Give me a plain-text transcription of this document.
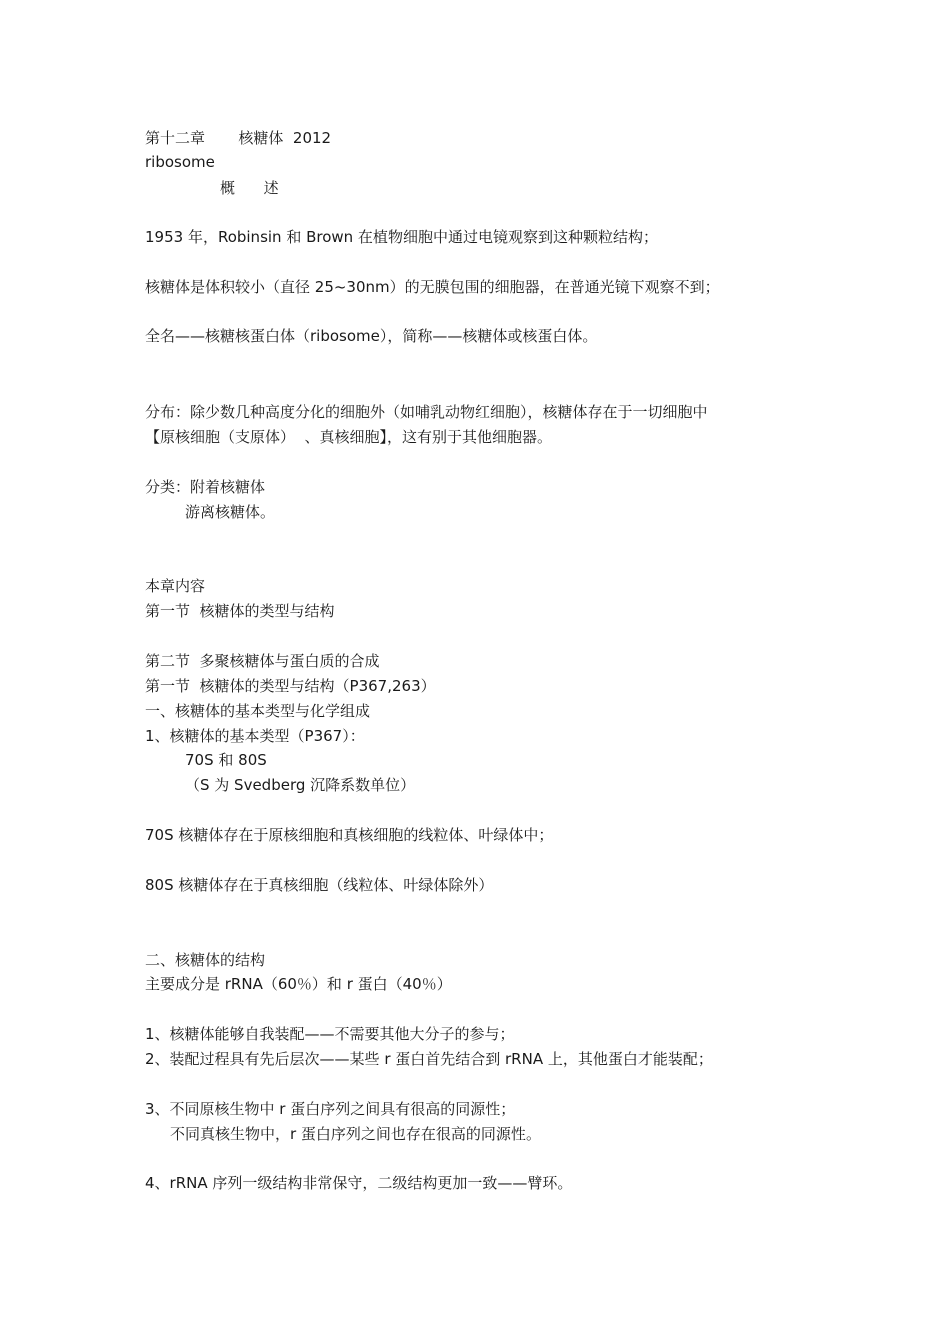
第十二章       核糖体  2012
ribosome
概      述
1953 年，Robinsin 和 Brown 在植物细胞中通过电镜观察到这种颗粒结构；
核糖体是体积较小（直径 25~30nm）的无膜包围的细胞器，在普通光镜下观察不到；
全名——核糖核蛋白体（ribosome），简称——核糖体或核蛋白体。
分布：除少数几种高度分化的细胞外（如哺乳动物红细胞），核糖体存在于一切细胞中
【原核细胞（支原体）  、真核细胞】，这有别于其他细胞器。
分类：附着核糖体
游离核糖体。
本章内容
第一节  核糖体的类型与结构
第二节  多聚核糖体与蛋白质的合成
第一节  核糖体的类型与结构（P367,263）
一、核糖体的基本类型与化学组成
1、核糖体的基本类型（P367）：
70S 和 80S
（S 为 Svedberg 沉降系数单位）
70S 核糖体存在于原核细胞和真核细胞的线粒体、叶绿体中；
80S 核糖体存在于真核细胞（线粒体、叶绿体除外）
二、核糖体的结构
主要成分是 rRNA（60％）和 r 蛋白（40％）
1、核糖体能够自我装配——不需要其他大分子的参与；
2、装配过程具有先后层次——某些 r 蛋白首先结合到 rRNA 上，其他蛋白才能装配；
3、不同原核生物中 r 蛋白序列之间具有很高的同源性；
不同真核生物中，r 蛋白序列之间也存在很高的同源性。
4、rRNA 序列一级结构非常保守，二级结构更加一致——臂环。
